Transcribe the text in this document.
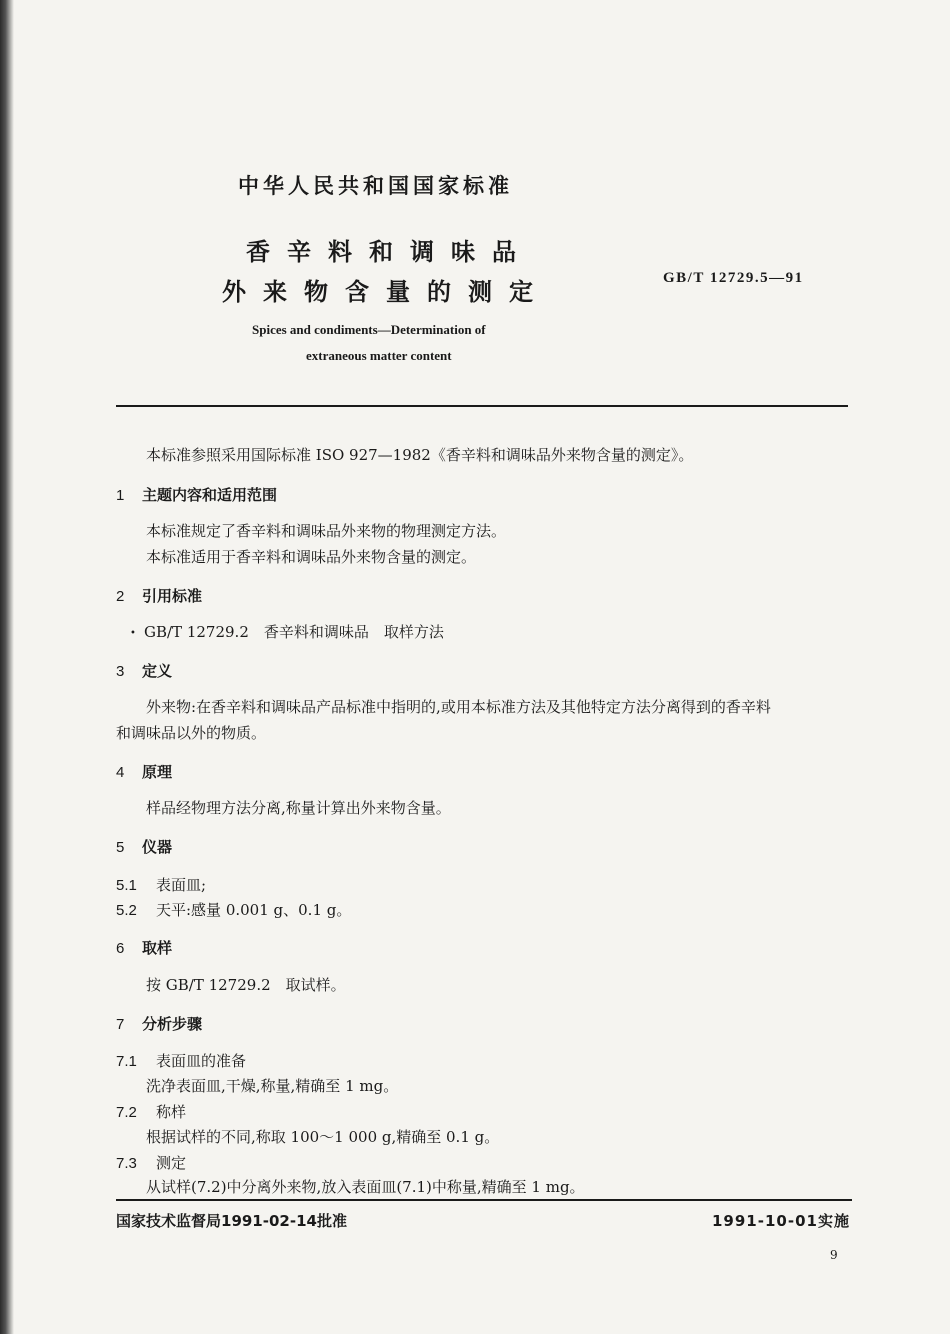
中华人民共和国国家标准
香辛料和调味品
外来物含量的测定	GB/T 12729.5—91
Spices and condiments—Determination of
extraneous matter content
本标准参照采用国际标准 ISO 927—1982《香辛料和调味品外来物含量的测定》。
1 主题内容和适用范围
本标准规定了香辛料和调味品外来物的物理测定方法。
本标准适用于香辛料和调味品外来物含量的测定。
2 引用标准
• GB/T 12729.2　香辛料和调味品　取样方法
3 定义
外来物:在香辛料和调味品产品标准中指明的,或用本标准方法及其他特定方法分离得到的香辛料
和调味品以外的物质。
4 原理
样品经物理方法分离,称量计算出外来物含量。
5 仪器
5.1 表面皿;
5.2 天平:感量 0.001 g、0.1 g。
6 取样
按 GB/T 12729.2　取试样。
7 分析步骤
7.1 表面皿的准备
洗净表面皿,干燥,称量,精确至 1 mg。
7.2 称样
根据试样的不同,称取 100～1 000 g,精确至 0.1 g。
7.3 测定
从试样(7.2)中分离外来物,放入表面皿(7.1)中称量,精确至 1 mg。
国家技术监督局1991-02-14批准	1991-10-01实施
9
